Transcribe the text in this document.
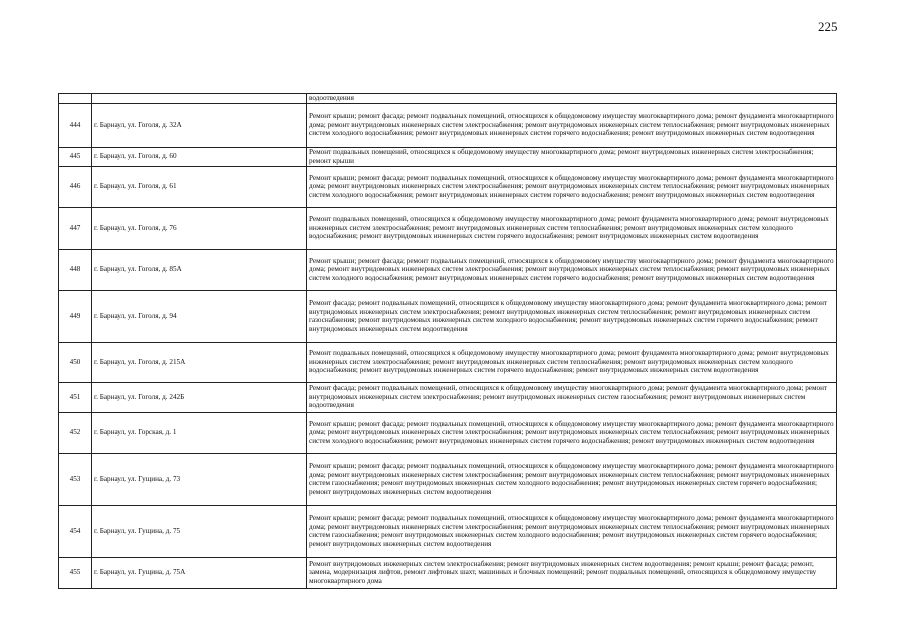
225
		водоотведения
444	г. Барнаул, ул. Гоголя, д. 32А	Ремонт крыши; ремонт фасада; ремонт подвальных помещений, относящихся к общедомовому имуществу многоквартирного дома; ремонт фундамента многоквартирного дома; ремонт внутридомовых инженерных систем электроснабжения; ремонт внутридомовых инженерных систем теплоснабжения; ремонт внутридомовых инженерных систем холодного водоснабжения; ремонт внутридомовых инженерных систем горячего водоснабжения; ремонт внутридомовых инженерных систем водоотведения
445	г. Барнаул, ул. Гоголя, д. 60	Ремонт подвальных помещений, относящихся к общедомовому имуществу многоквартирного дома; ремонт внутридомовых инженерных систем электроснабжения; ремонт крыши
446	г. Барнаул, ул. Гоголя, д. 61	Ремонт крыши; ремонт фасада; ремонт подвальных помещений, относящихся к общедомовому имуществу многоквартирного дома; ремонт фундамента многоквартирного дома; ремонт внутридомовых инженерных систем электроснабжения; ремонт внутридомовых инженерных систем теплоснабжения; ремонт внутридомовых инженерных систем холодного водоснабжения; ремонт внутридомовых инженерных систем горячего водоснабжения; ремонт внутридомовых инженерных систем водоотведения
447	г. Барнаул, ул. Гоголя, д. 76	Ремонт подвальных помещений, относящихся к общедомовому имуществу многоквартирного дома; ремонт фундамента многоквартирного дома; ремонт внутридомовых инженерных систем электроснабжения; ремонт внутридомовых инженерных систем теплоснабжения; ремонт внутридомовых инженерных систем холодного водоснабжения; ремонт внутридомовых инженерных систем горячего водоснабжения; ремонт внутридомовых инженерных систем водоотведения
448	г. Барнаул, ул. Гоголя, д. 85А	Ремонт крыши; ремонт фасада; ремонт подвальных помещений, относящихся к общедомовому имуществу многоквартирного дома; ремонт фундамента многоквартирного дома; ремонт внутридомовых инженерных систем электроснабжения; ремонт внутридомовых инженерных систем теплоснабжения; ремонт внутридомовых инженерных систем холодного водоснабжения; ремонт внутридомовых инженерных систем горячего водоснабжения; ремонт внутридомовых инженерных систем водоотведения
449	г. Барнаул, ул. Гоголя, д. 94	Ремонт фасада; ремонт подвальных помещений, относящихся к общедомовому имуществу многоквартирного дома; ремонт фундамента многоквартирного дома; ремонт внутридомовых инженерных систем электроснабжения; ремонт внутридомовых инженерных систем теплоснабжения; ремонт внутридомовых инженерных систем газоснабжения; ремонт внутридомовых инженерных систем холодного водоснабжения; ремонт внутридомовых инженерных систем горячего водоснабжения; ремонт внутридомовых инженерных систем водоотведения
450	г. Барнаул, ул. Гоголя, д. 215А	Ремонт подвальных помещений, относящихся к общедомовому имуществу многоквартирного дома; ремонт фундамента многоквартирного дома; ремонт внутридомовых инженерных систем электроснабжения; ремонт внутридомовых инженерных систем теплоснабжения; ремонт внутридомовых инженерных систем холодного водоснабжения; ремонт внутридомовых инженерных систем горячего водоснабжения; ремонт внутридомовых инженерных систем водоотведения
451	г. Барнаул, ул. Гоголя, д. 242Б	Ремонт фасада; ремонт подвальных помещений, относящихся к общедомовому имуществу многоквартирного дома; ремонт фундамента многоквартирного дома; ремонт внутридомовых инженерных систем электроснабжения; ремонт внутридомовых инженерных систем газоснабжения; ремонт внутридомовых инженерных систем водоотведения
452	г. Барнаул, ул. Горская, д. 1	Ремонт крыши; ремонт фасада; ремонт подвальных помещений, относящихся к общедомовому имуществу многоквартирного дома; ремонт фундамента многоквартирного дома; ремонт внутридомовых инженерных систем электроснабжения; ремонт внутридомовых инженерных систем теплоснабжения; ремонт внутридомовых инженерных систем холодного водоснабжения; ремонт внутридомовых инженерных систем горячего водоснабжения; ремонт внутридомовых инженерных систем водоотведения
453	г. Барнаул, ул. Гущина, д. 73	Ремонт крыши; ремонт фасада; ремонт подвальных помещений, относящихся к общедомовому имуществу многоквартирного дома; ремонт фундамента многоквартирного дома; ремонт внутридомовых инженерных систем электроснабжения; ремонт внутридомовых инженерных систем теплоснабжения; ремонт внутридомовых инженерных систем газоснабжения; ремонт внутридомовых инженерных систем холодного водоснабжения; ремонт внутридомовых инженерных систем горячего водоснабжения; ремонт внутридомовых инженерных систем водоотведения
454	г. Барнаул, ул. Гущина, д. 75	Ремонт крыши; ремонт фасада; ремонт подвальных помещений, относящихся к общедомовому имуществу многоквартирного дома; ремонт фундамента многоквартирного дома; ремонт внутридомовых инженерных систем электроснабжения; ремонт внутридомовых инженерных систем теплоснабжения; ремонт внутридомовых инженерных систем газоснабжения; ремонт внутридомовых инженерных систем холодного водоснабжения; ремонт внутридомовых инженерных систем горячего водоснабжения; ремонт внутридомовых инженерных систем водоотведения
455	г. Барнаул, ул. Гущина, д. 75А	Ремонт внутридомовых инженерных систем электроснабжения; ремонт внутридомовых инженерных систем водоотведения; ремонт крыши; ремонт фасада; ремонт, замена, модернизация лифтов, ремонт лифтовых шахт, машинных и блочных помещений; ремонт подвальных помещений, относящихся к общедомовому имуществу многоквартирного дома
